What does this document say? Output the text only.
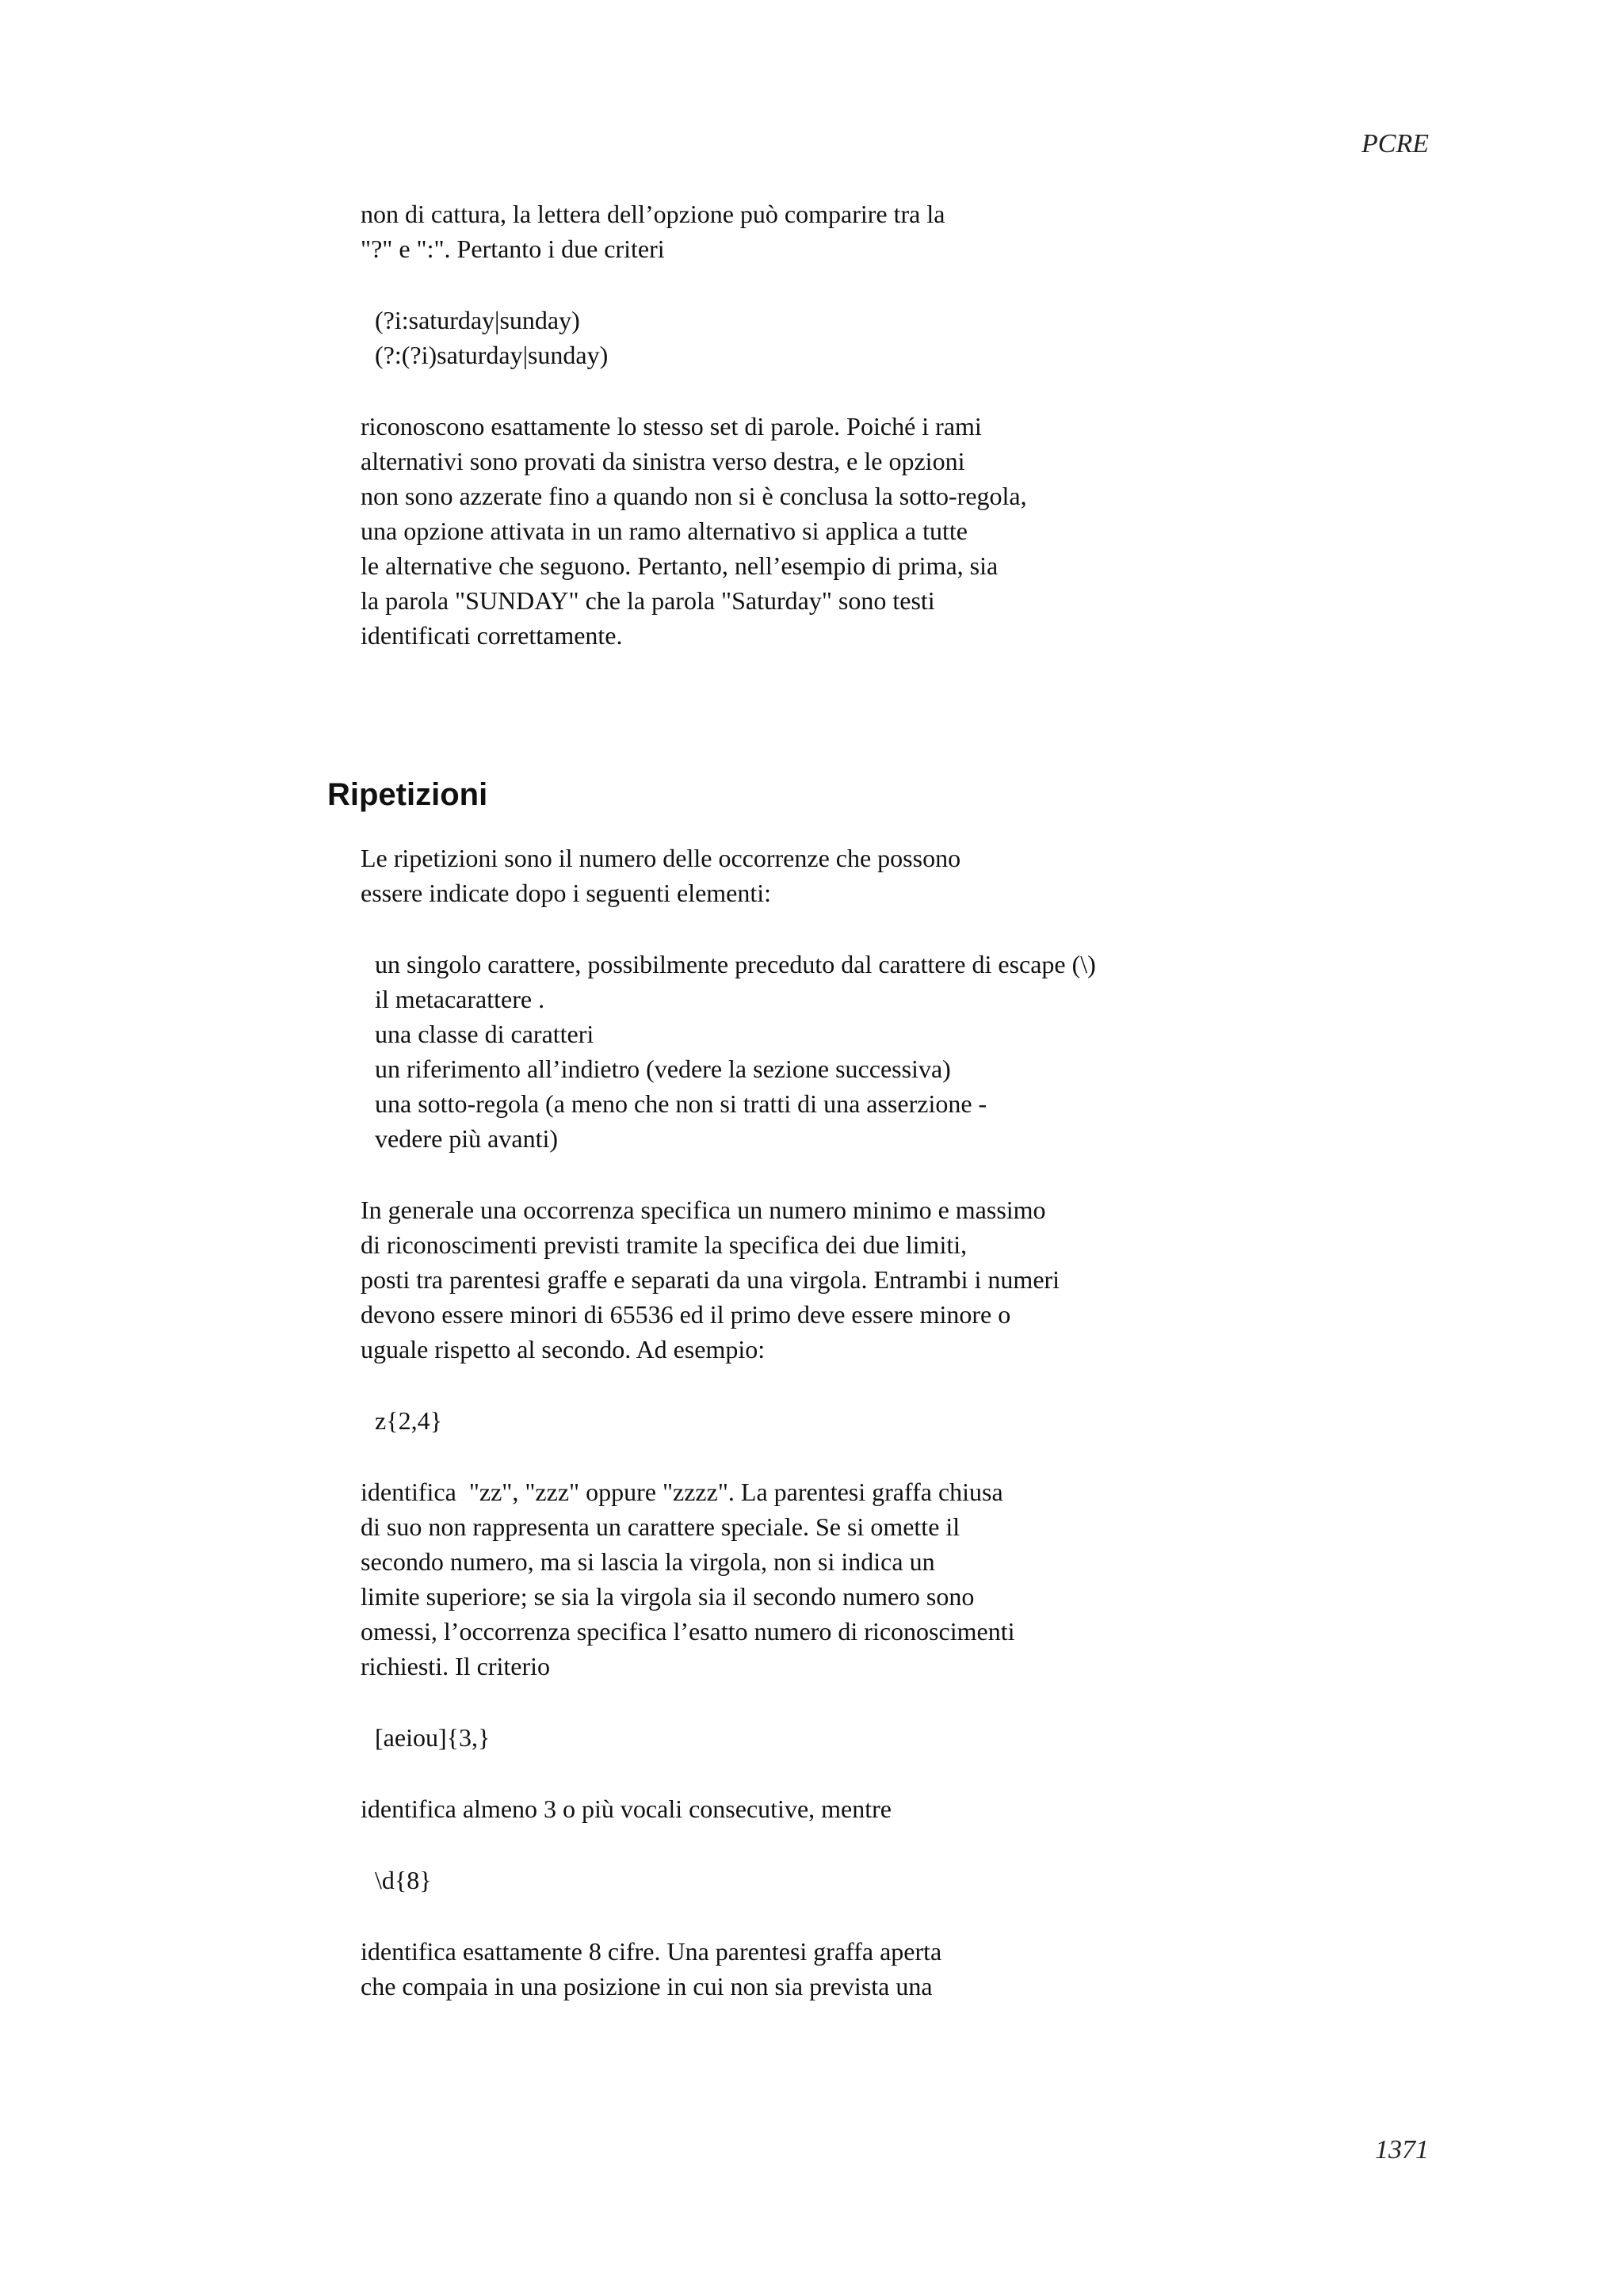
PCRE
non di cattura, la lettera dell’opzione può comparire tra la
"?" e ":". Pertanto i due criteri
(?i:saturday|sunday)
(?:(?i)saturday|sunday)
riconoscono esattamente lo stesso set di parole. Poiché i rami
alternativi sono provati da sinistra verso destra, e le opzioni
non sono azzerate fino a quando non si è conclusa la sotto-regola,
una opzione attivata in un ramo alternativo si applica a tutte
le alternative che seguono. Pertanto, nell’esempio di prima, sia
la parola "SUNDAY" che la parola "Saturday" sono testi
identificati correttamente.
Ripetizioni
Le ripetizioni sono il numero delle occorrenze che possono
essere indicate dopo i seguenti elementi:
un singolo carattere, possibilmente preceduto dal carattere di escape (\)
il metacarattere .
una classe di caratteri
un riferimento all’indietro (vedere la sezione successiva)
una sotto-regola (a meno che non si tratti di una asserzione -
vedere più avanti)
In generale una occorrenza specifica un numero minimo e massimo
di riconoscimenti previsti tramite la specifica dei due limiti,
posti tra parentesi graffe e separati da una virgola. Entrambi i numeri
devono essere minori di 65536 ed il primo deve essere minore o
uguale rispetto al secondo. Ad esempio:
z{2,4}
identifica  "zz", "zzz" oppure "zzzz". La parentesi graffa chiusa
di suo non rappresenta un carattere speciale. Se si omette il
secondo numero, ma si lascia la virgola, non si indica un
limite superiore; se sia la virgola sia il secondo numero sono
omessi, l’occorrenza specifica l’esatto numero di riconoscimenti
richiesti. Il criterio
[aeiou]{3,}
identifica almeno 3 o più vocali consecutive, mentre
\d{8}
identifica esattamente 8 cifre. Una parentesi graffa aperta
che compaia in una posizione in cui non sia prevista una
1371
